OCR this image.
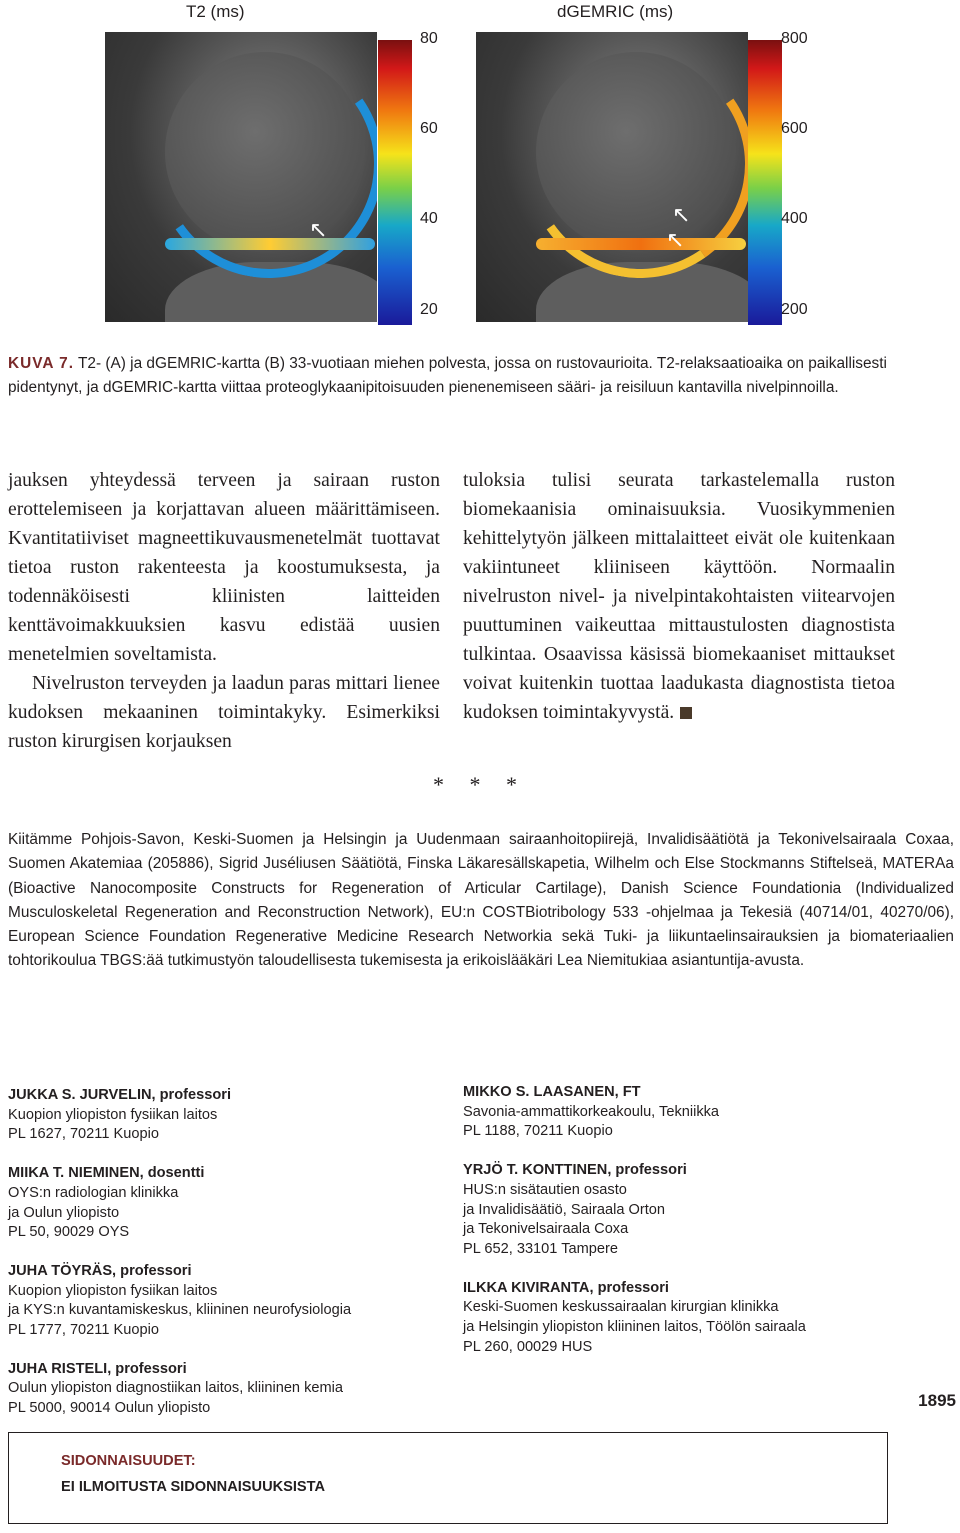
T2 (ms)	dGEMRIC (ms)
↖
80
60
40
20
↖
↖
800
600
400
200
KUVA 7. T2- (A) ja dGEMRIC-kartta (B) 33-vuotiaan miehen polvesta, jossa on rustovaurioita. T2-relaksaatioaika on paikallisesti pidentynyt, ja dGEMRIC-kartta viittaa proteoglykaanipitoisuuden pienenemiseen sääri- ja reisiluun kantavilla nivelpinnoilla.

jauksen yhteydessä terveen ja sairaan ruston erottelemiseen ja korjattavan alueen määrittämiseen. Kvantitatiiviset magneettikuvausmenetelmät tuottavat tietoa ruston rakenteesta ja koostumuksesta, ja todennäköisesti kliinisten laitteiden kenttävoimakkuuksien kasvu edistää uusien menetelmien soveltamista.

Nivelruston terveyden ja laadun paras mittari lienee kudoksen mekaaninen toimintakyky. Esimerkiksi ruston kirurgisen korjauksen

tuloksia tulisi seurata tarkastelemalla ruston biomekaanisia ominaisuuksia. Vuosikymmenien kehittelytyön jälkeen mittalaitteet eivät ole kuitenkaan vakiintuneet kliiniseen käyttöön. Normaalin nivelruston nivel- ja nivelpintakohtaisten viitearvojen puuttuminen vaikeuttaa mittaustulosten diagnostista tulkintaa. Osaavissa käsissä biomekaaniset mittaukset voivat kuitenkin tuottaa laadukasta diagnostista tietoa kudoksen toimintakyvystä.

* * *
Kiitämme Pohjois-Savon, Keski-Suomen ja Helsingin ja Uudenmaan sairaanhoitopiirejä, Invalidisäätiötä ja Tekonivelsairaala Coxaa, Suomen Akatemiaa (205886), Sigrid Juséliusen Säätiötä, Finska Läkaresällskapetia, Wilhelm och Else Stockmanns Stiftelseä, MATERAa (Bioactive Nanocomposite Constructs for Regeneration of Articular Cartilage), Danish Science Foundationia (Individualized Musculoskeletal Regeneration and Reconstruction Network), EU:n COSTBiotribology 533 -ohjelmaa ja Tekesiä (40714/01, 40270/06), European Science Foundation Regenerative Medicine Research Networkia sekä Tuki- ja liikuntaelinsairauksien ja biomateriaalien tohtorikoulua TBGS:ää tutkimustyön taloudellisesta tukemisesta ja erikoislääkäri Lea Niemitukiaa asiantuntija-avusta.
JUKKA S. JURVELIN, professori
Kuopion yliopiston fysiikan laitos
PL 1627, 70211 Kuopio
MIIKA T. NIEMINEN, dosentti
OYS:n radiologian klinikka
ja Oulun yliopisto
PL 50, 90029 OYS
JUHA TÖYRÄS, professori
Kuopion yliopiston fysiikan laitos
ja KYS:n kuvantamiskeskus, kliininen neurofysiologia
PL 1777, 70211 Kuopio
JUHA RISTELI, professori
Oulun yliopiston diagnostiikan laitos, kliininen kemia
PL 5000, 90014 Oulun yliopisto
MIKKO S. LAASANEN, FT
Savonia-ammattikorkeakoulu, Tekniikka
PL 1188, 70211 Kuopio
YRJÖ T. KONTTINEN, professori
HUS:n sisätautien osasto
ja Invalidisäätiö, Sairaala Orton
ja Tekonivelsairaala Coxa
PL 652, 33101 Tampere
ILKKA KIVIRANTA, professori
Keski-Suomen keskussairaalan kirurgian klinikka
ja Helsingin yliopiston kliininen laitos, Töölön sairaala
PL 260, 00029 HUS
1895
SIDONNAISUUDET:
EI ILMOITUSTA SIDONNAISUUKSISTA
